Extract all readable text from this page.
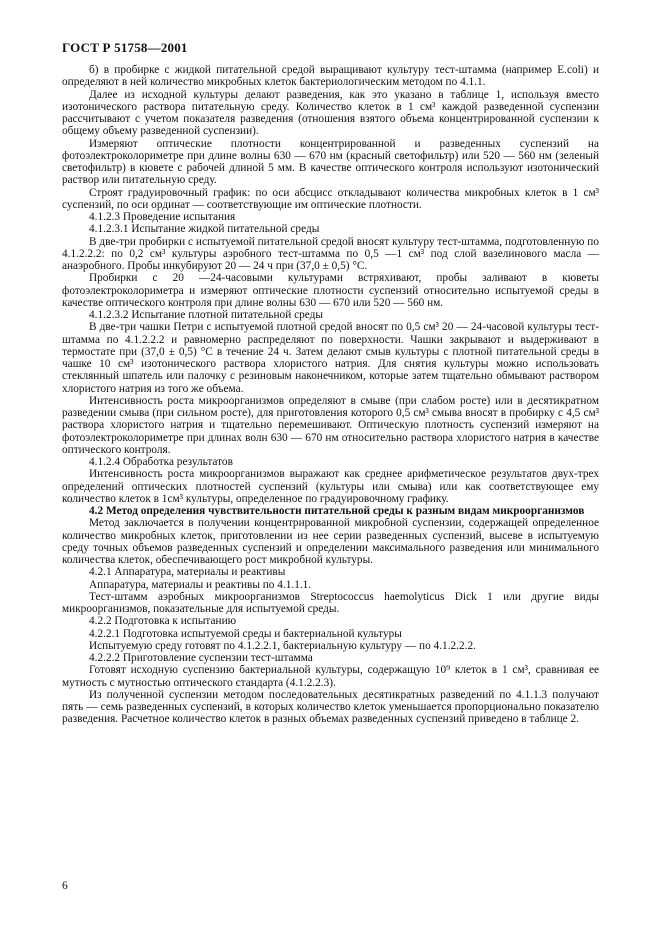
ГОСТ Р 51758—2001

б) в пробирке с жидкой питательной средой выращивают культуру тест-штамма (например E.coli) и определяют в ней количество микробных клеток бактериологическим методом по 4.1.1.

Далее из исходной культуры делают разведения, как это указано в таблице 1, используя вместо изотонического раствора питательную среду. Количество клеток в 1 см³ каждой разведенной суспензии рассчитывают с учетом показателя разведения (отношения взятого объема концентрированной суспензии к общему объему разведенной суспензии).

Измеряют оптические плотности концентрированной и разведенных суспензий на фотоэлектроколориметре при длине волны 630 — 670 нм (красный светофильтр) или 520 — 560 нм (зеленый светофильтр) в кювете с рабочей длиной 5 мм. В качестве оптического контроля используют изотонический раствор или питательную среду.

Строят градуировочный график: по оси абсцисс откладывают количества микробных клеток в 1 см³ суспензий, по оси ординат — соответствующие им оптические плотности.

4.1.2.3 Проведение испытания

4.1.2.3.1 Испытание жидкой питательной среды

В две-три пробирки с испытуемой питательной средой вносят культуру тест-штамма, подготовленную по 4.1.2.2.2: по 0,2 см³ культуры аэробного тест-штамма по 0,5 —1 см³ под слой вазелинового масла — анаэробного. Пробы инкубируют 20 — 24 ч при (37,0 ± 0,5) °С.

Пробирки с 20 —24-часовыми культурами встряхивают, пробы заливают в кюветы фотоэлектроколориметра и измеряют оптические плотности суспензий относительно испытуемой среды в качестве оптического контроля при длине волны 630 — 670 или 520 — 560 нм.

4.1.2.3.2 Испытание плотной питательной среды

В две-три чашки Петри с испытуемой плотной средой вносят по 0,5 см³ 20 — 24-часовой культуры тест-штамма по 4.1.2.2.2 и равномерно распределяют по поверхности. Чашки закрывают и выдерживают в термостате при (37,0 ± 0,5) °С в течение 24 ч. Затем делают смыв культуры с плотной питательной среды в чашке 10 см³ изотонического раствора хлористого натрия. Для снятия культуры можно использовать стеклянный шпатель или палочку с резиновым наконечником, которые затем тщательно обмывают раствором хлористого натрия из того же объема.

Интенсивность роста микроорганизмов определяют в смыве (при слабом росте) или в десятикратном разведении смыва (при сильном росте), для приготовления которого 0,5 см³ смыва вносят в пробирку с 4,5 см³ раствора хлористого натрия и тщательно перемешивают. Оптическую плотность суспензий измеряют на фотоэлектроколориметре при длинах волн 630 — 670 нм относительно раствора хлористого натрия в качестве оптического контроля.

4.1.2.4 Обработка результатов

Интенсивность роста микроорганизмов выражают как среднее арифметическое результатов двух-трех определений оптических плотностей суспензий (культуры или смыва) или как соответствующее ему количество клеток в 1см³ культуры, определенное по градуировочному графику.

4.2 Метод определения чувствительности питательной среды к разным видам микроорганизмов

Метод заключается в получении концентрированной микробной суспензии, содержащей определенное количество микробных клеток, приготовлении из нее серии разведенных суспензий, высеве в испытуемую среду точных объемов разведенных суспензий и определении максимального разведения или минимального количества клеток, обеспечивающего рост микробной культуры.

4.2.1 Аппаратура, материалы и реактивы

Аппаратура, материалы и реактивы по 4.1.1.1.

Тест-штамм аэробных микроорганизмов Streptococcus haemolyticus Dick 1 или другие виды микроорганизмов, показательные для испытуемой среды.

4.2.2 Подготовка к испытанию

4.2.2.1 Подготовка испытуемой среды и бактериальной культуры

Испытуемую среду готовят по 4.1.2.2.1, бактериальную культуру — по 4.1.2.2.2.

4.2.2.2 Приготовление суспензии тест-штамма

Готовят исходную суспензию бактериальной культуры, содержащую 10⁹ клеток в 1 см³, сравнивая ее мутность с мутностью оптического стандарта (4.1.2.2.3).

Из полученной суспензии методом последовательных десятикратных разведений по 4.1.1.3 получают пять — семь разведенных суспензий, в которых количество клеток уменьшается пропорционально показателю разведения. Расчетное количество клеток в разных объемах разведенных суспензий приведено в таблице 2.

6
